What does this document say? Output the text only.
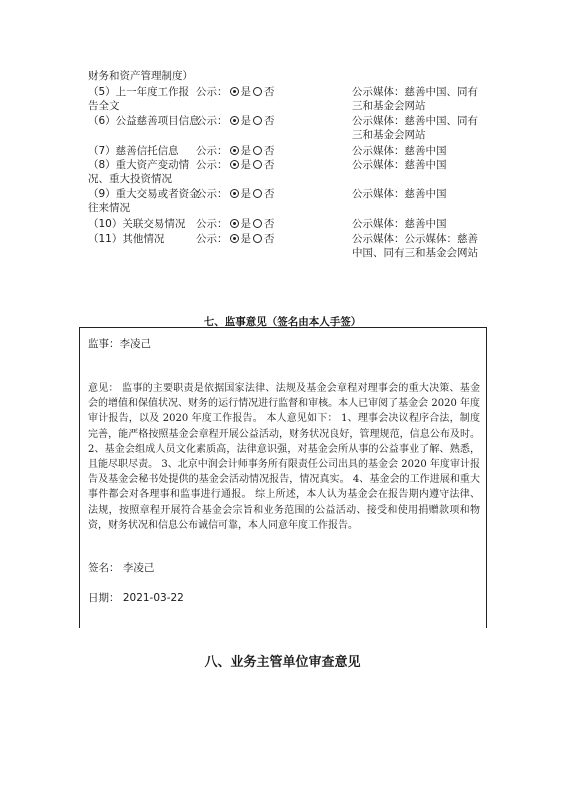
财务和资产管理制度）
（5）上一年度工作报 公示： 是 否	公示媒体：慈善中国、同有
告全文	三和基金会网站
（6）公益慈善项目信息
公示： 是 否	公示媒体：慈善中国、同有
三和基金会网站
（7）慈善信托信息 公示： 是 否	公示媒体：慈善中国
（8）重大资产变动情 公示： 是 否	公示媒体：慈善中国
况、重大投资情况
（9）重大交易或者资金
公示： 是 否	公示媒体：慈善中国
往来情况
（10）关联交易情况 公示： 是 否	公示媒体：慈善中国
（11）其他情况	公示： 是 否	公示媒体：公示媒体：慈善
中国、同有三和基金会网站
七、监事意见（签名由本人手签）
监事：李凌己
意见： 监事的主要职责是依据国家法律、法规及基金会章程对理事会的重大决策、基金会的增值和保值状况、财务的运行情况进行监督和审核。本人已审阅了基金会 2020 年度审计报告，以及 2020 年度工作报告。 本人意见如下： 1、理事会决议程序合法，制度完善，能严格按照基金会章程开展公益活动，财务状况良好，管理规范，信息公布及时。 2、基金会组成人员文化素质高，法律意识强，对基金会所从事的公益事业了解、熟悉，且能尽职尽责。 3、北京中润会计师事务所有限责任公司出具的基金会 2020 年度审计报告及基金会秘书处提供的基金会活动情况报告，情况真实。 4、基金会的工作进展和重大事件都会对各理事和监事进行通报。 综上所述，本人认为基金会在报告期内遵守法律、法规，按照章程开展符合基金会宗旨和业务范围的公益活动、接受和使用捐赠款项和物资，财务状况和信息公布诚信可靠，本人同意年度工作报告。
签名： 李凌己
日期： 2021-03-22
八、业务主管单位审查意见
